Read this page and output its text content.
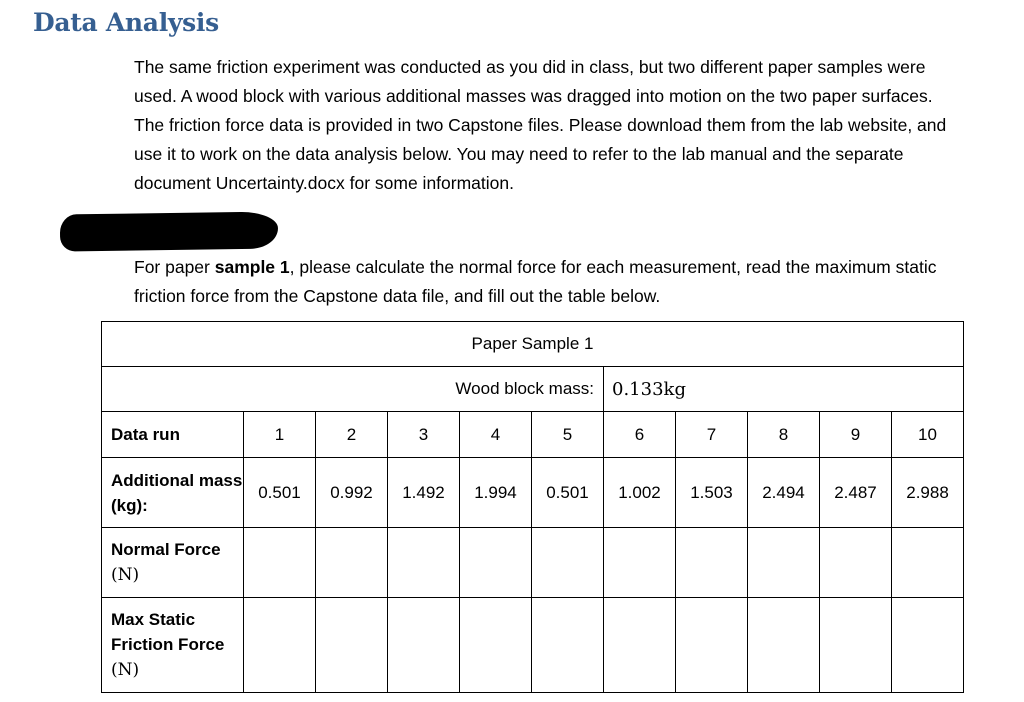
Data Analysis

The same friction experiment was conducted as you did in class, but two different paper samples were used. A wood block with various additional masses was dragged into motion on the two paper surfaces. The friction force data is provided in two Capstone files. Please download them from the lab website, and use it to work on the data analysis below. You may need to refer to the lab manual and the separate document Uncertainty.docx for some information.

For paper sample 1, please calculate the normal force for each measurement, read the maximum static friction force from the Capstone data file, and fill out the table below.

Paper Sample 1										
Wood block mass:						0.133kg				
Data run	1	2	3	4	5	6	7	8	9	10
Additional mass
(kg):	0.501	0.992	1.492	1.994	0.501	1.002	1.503	2.494	2.487	2.988
Normal Force
(N)										
Max Static Friction Force
(N)										
